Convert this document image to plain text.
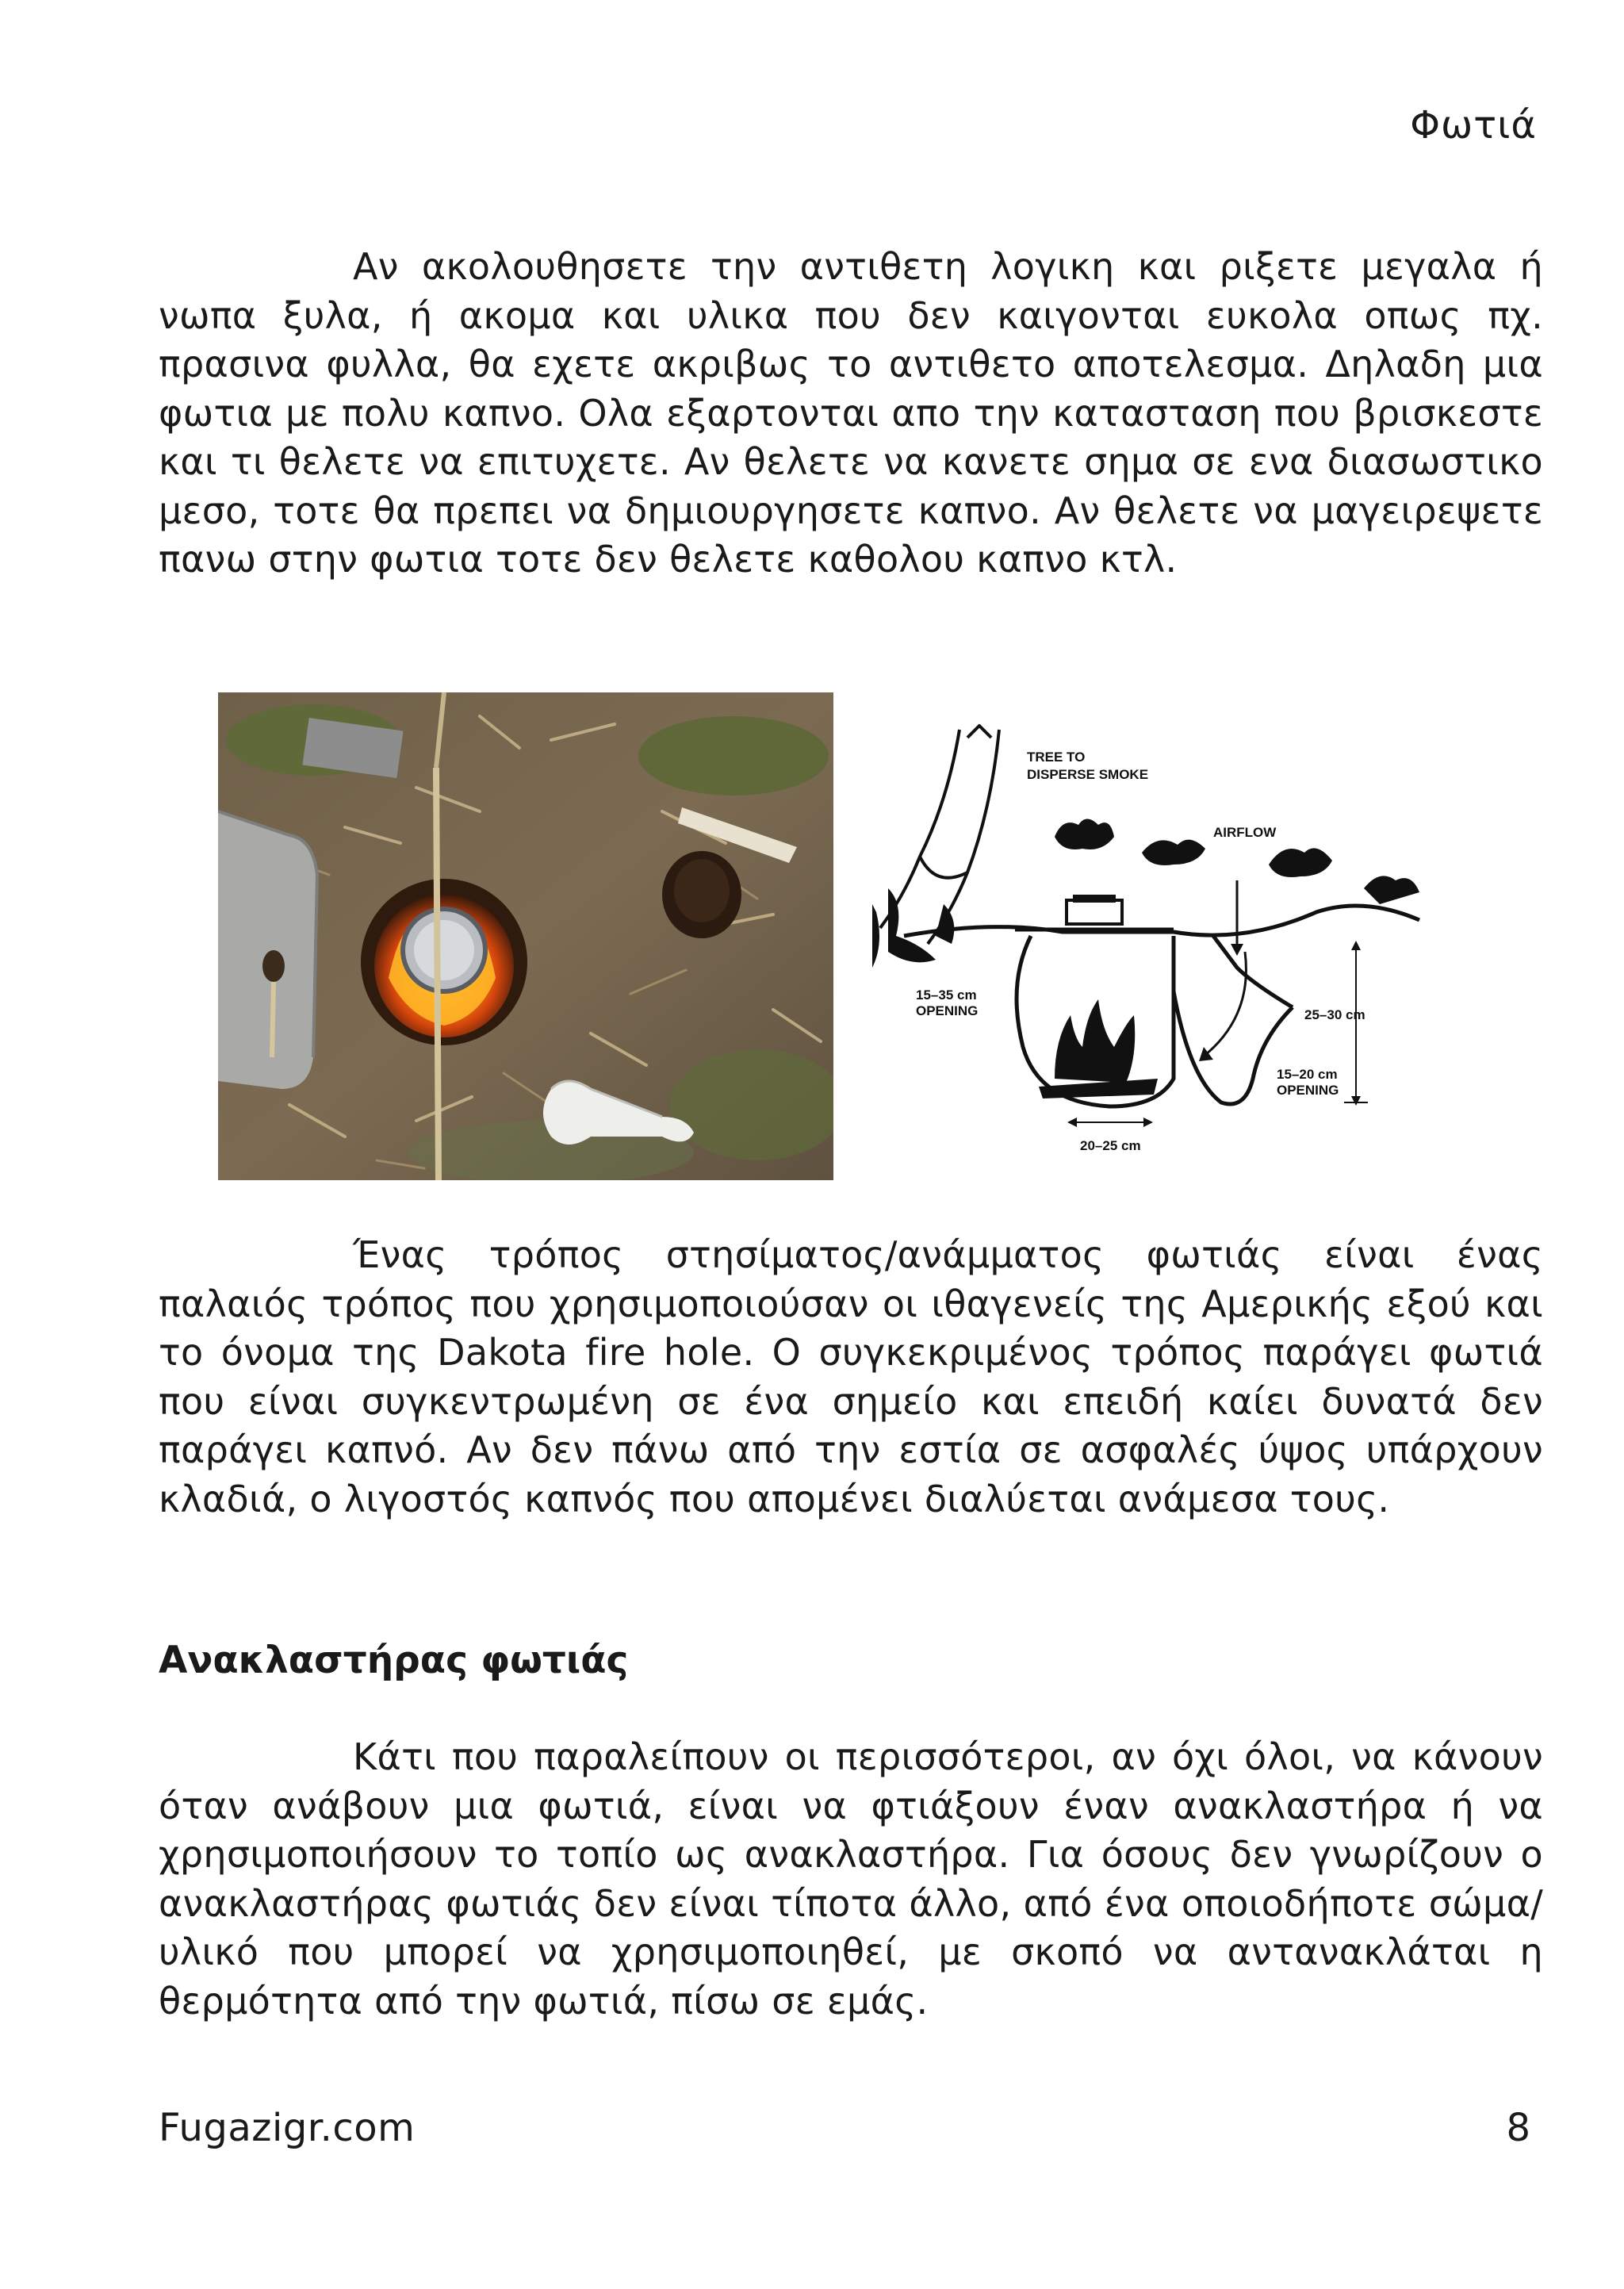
Φωτιά

Αν ακολουθησετε την αντιθετη λογικη και ριξετε μεγαλα ή νωπα ξυλα, ή ακομα και υλικα που δεν καιγονται ευκολα οπως πχ. πρασινα φυλλα, θα εχετε ακριβως το αντιθετο αποτελεσμα. Δηλαδη μια φωτια με πολυ καπνο. Ολα εξαρτονται απο την κατασταση που βρισκεστε και τι θελετε να επιτυχετε. Αν θελετε να κανετε σημα σε ενα διασωστικο μεσο, τοτε θα πρεπει να δημιουργησετε καπνο. Αν θελετε να μαγειρεψετε πανω στην φωτια τοτε δεν θελετε καθολου καπνο κτλ.

TREE TO
DISPERSE SMOKE
AIRFLOW
15–35 cm
OPENING	25–30 cm
15–20 cm
OPENING
20–25 cm

Ένας τρόπος στησίματος/ανάμματος φωτιάς είναι ένας παλαιός τρόπος που χρησιμοποιούσαν οι ιθαγενείς της Αμερικής εξού και το όνομα της Dakota fire hole. Ο συγκεκριμένος τρόπος παράγει φωτιά που είναι συγκεντρωμένη σε ένα σημείο και επειδή καίει δυνατά δεν παράγει καπνό. Αν δεν πάνω από την εστία σε ασφαλές ύψος υπάρχουν κλαδιά, ο λιγοστός καπνός που απομένει διαλύεται ανάμεσα τους.

Ανακλαστήρας φωτιάς

Κάτι που παραλείπουν οι περισσότεροι, αν όχι όλοι, να κάνουν όταν ανάβουν μια φωτιά, είναι να φτιάξουν έναν ανακλαστήρα ή να χρησιμοποιήσουν το τοπίο ως ανακλαστήρα. Για όσους δεν γνωρίζουν ο ανακλαστήρας φωτιάς δεν είναι τίποτα άλλο, από ένα οποιοδήποτε σώμα/υλικό που μπορεί να χρησιμοποιηθεί, με σκοπό να αντανακλάται η θερμότητα από την φωτιά, πίσω σε εμάς.

Fugazigr.com	8
